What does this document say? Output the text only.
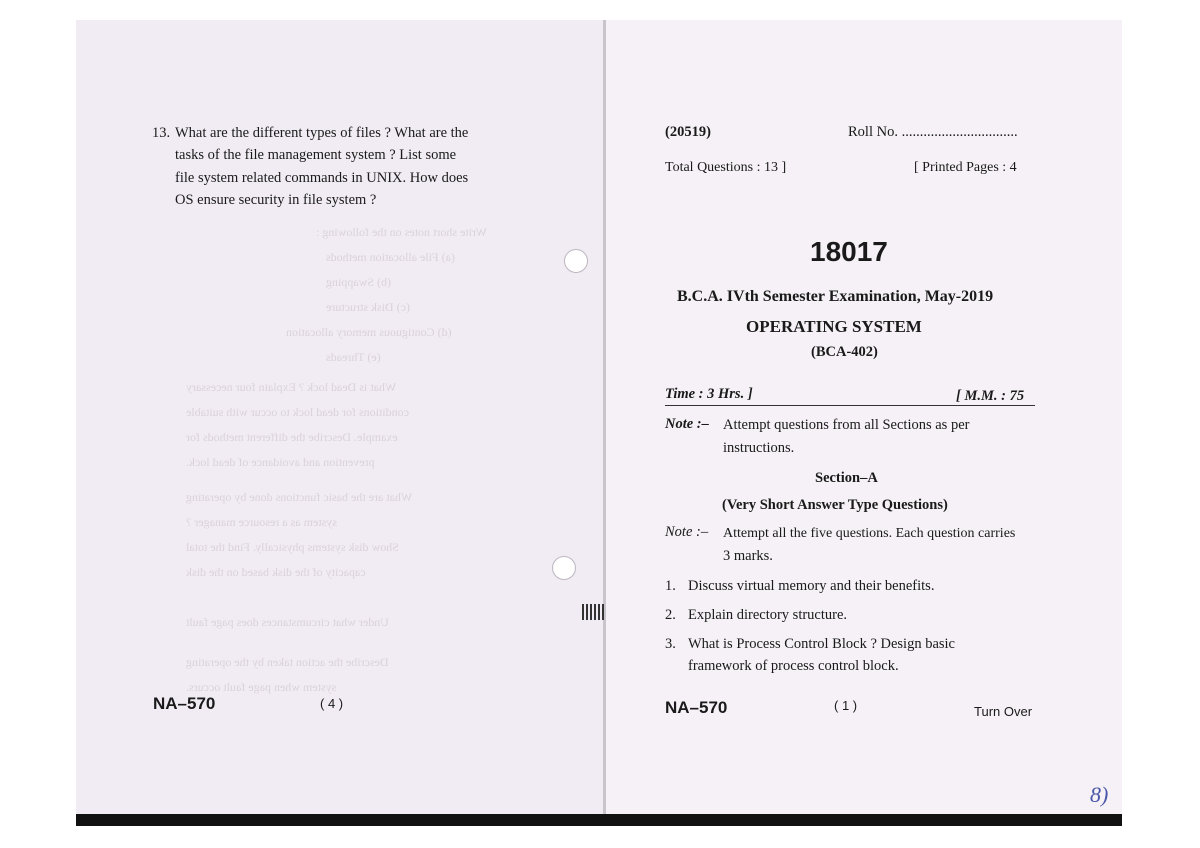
Write short notes on the following :
(a) File allocation methods
(b) Swapping
(c) Disk structure
(d) Contiguous memory allocation
(e) Threads
What is Dead lock ? Explain four necessary
conditions for dead lock to occur with suitable
example. Describe the different methods for
prevention and avoidance of dead lock.
What are the basic functions done by operating
system as a resource manager ?
Show disk systems physically. Find the total
capacity of the disk based on the disk
Under what circumstances does page fault
Describe the action taken by the operating
system when page fault occurs.
13. What are the different types of files ? What are the
tasks of the file management system ? List some
file system related commands in UNIX. How does
OS ensure security in file system ?
NA–570	( 4 )
(20519)	Roll No. ................................
Total Questions : 13 ]	[ Printed Pages : 4
18017
B.C.A. IVth Semester Examination, May-2019
OPERATING SYSTEM
(BCA-402)
Time : 3 Hrs. ]	[ M.M. : 75
Note :– Attempt questions from all Sections as per
instructions.
Section–A
(Very Short Answer Type Questions)
Note :– Attempt all the five questions. Each question carries
3 marks.
1. Discuss virtual memory and their benefits.
2. Explain directory structure.
3. What is Process Control Block ? Design basic
framework of process control block.
NA–570	( 1 )	Turn Over
8)
